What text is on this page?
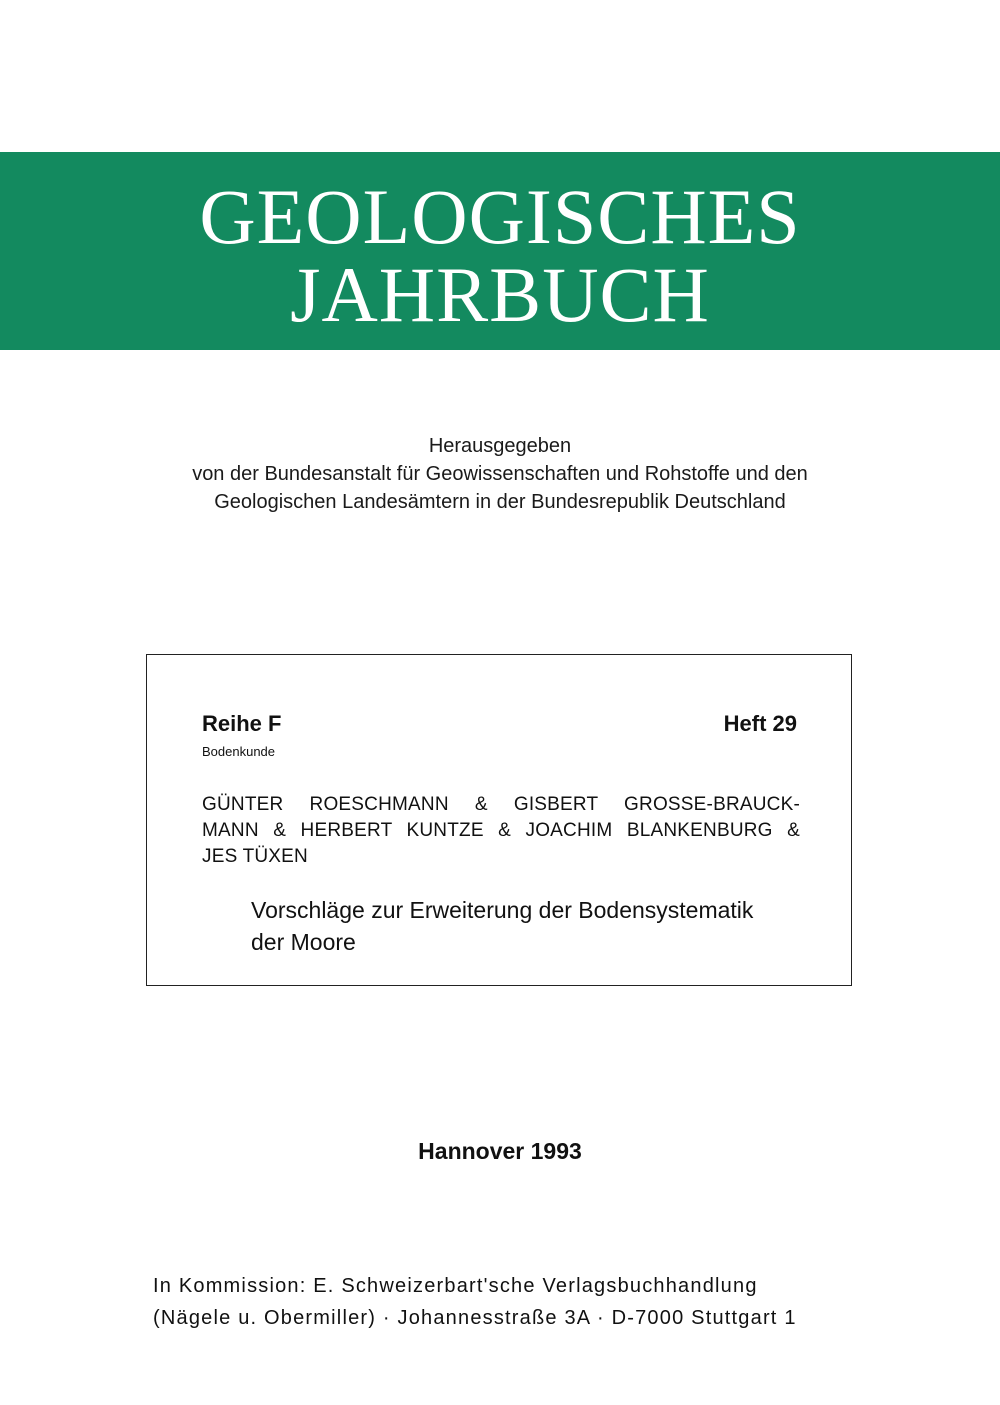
GEOLOGISCHES
JAHRBUCH
Herausgegeben
von der Bundesanstalt für Geowissenschaften und Rohstoffe und den
Geologischen Landesämtern in der Bundesrepublik Deutschland
Reihe F
Bodenkunde
Heft 29
GÜNTER ROESCHMANN & GISBERT GROSSE-BRAUCK-
MANN & HERBERT KUNTZE & JOACHIM BLANKENBURG &
JES TÜXEN
Vorschläge zur Erweiterung der Bodensystematik
der Moore
Hannover 1993
In Kommission: E. Schweizerbart'sche Verlagsbuchhandlung
(Nägele u. Obermiller) · Johannesstraße 3A · D-7000 Stuttgart 1
